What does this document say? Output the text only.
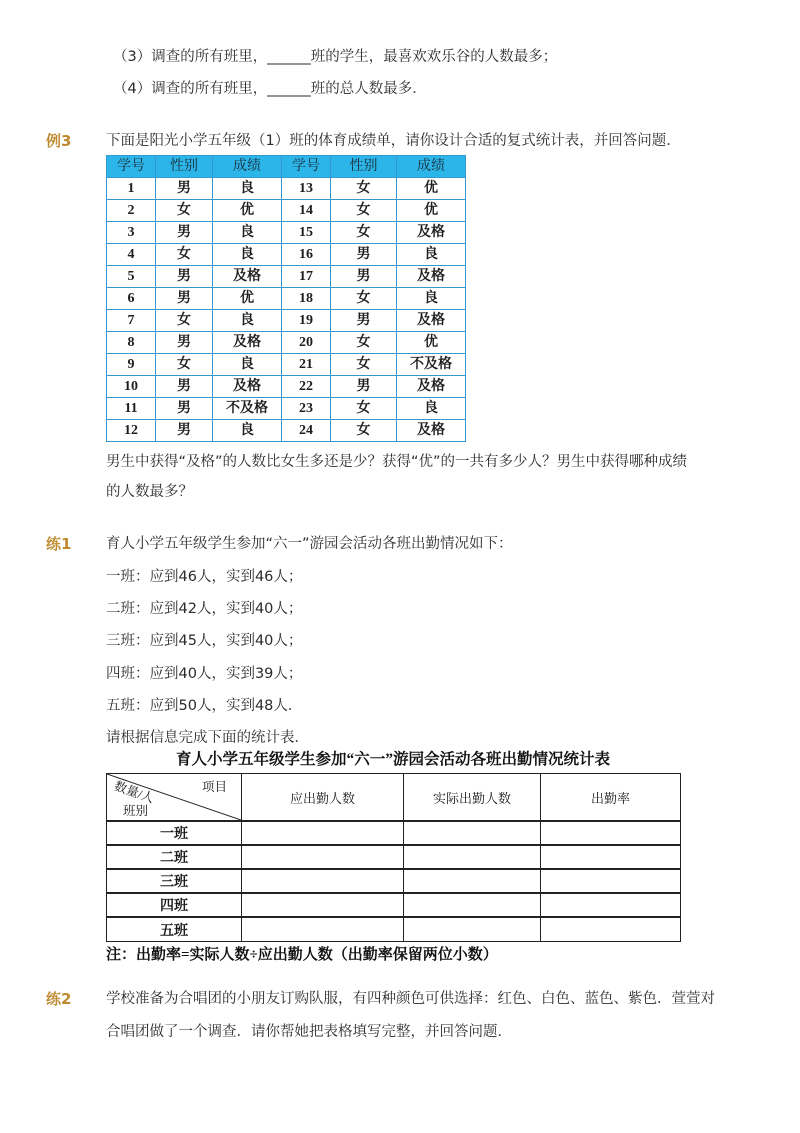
（3）调查的所有班里，______班的学生，最喜欢欢乐谷的人数最多；
（4）调查的所有班里，______班的总人数最多．
例3 下面是阳光小学五年级（1）班的体育成绩单，请你设计合适的复式统计表，并回答问题．
学号	性别	成绩	学号	性别	成绩
1	男	良	13	女	优
2	女	优	14	女	优
3	男	良	15	女	及格
4	女	良	16	男	良
5	男	及格	17	男	及格
6	男	优	18	女	良
7	女	良	19	男	及格
8	男	及格	20	女	优
9	女	良	21	女	不及格
10	男	及格	22	男	及格
11	男	不及格	23	女	良
12	男	良	24	女	及格
男生中获得“及格”的人数比女生多还是少？获得“优”的一共有多少人？男生中获得哪种成绩
的人数最多？
练1 育人小学五年级学生参加“六一”游园会活动各班出勤情况如下：
一班：应到46人，实到46人；
二班：应到42人，实到40人；
三班：应到45人，实到40人；
四班：应到40人，实到39人；
五班：应到50人，实到48人．
请根据信息完成下面的统计表．
育人小学五年级学生参加“六一”游园会活动各班出勤情况统计表
数量/人 项目
班别	应出勤人数	实际出勤人数	出勤率
一班			
二班			
三班			
四班			
五班			
注：出勤率=实际人数÷应出勤人数（出勤率保留两位小数）
练2 学校准备为合唱团的小朋友订购队服，有四种颜色可供选择：红色、白色、蓝色、紫色．萱萱对
合唱团做了一个调查．请你帮她把表格填写完整，并回答问题．
